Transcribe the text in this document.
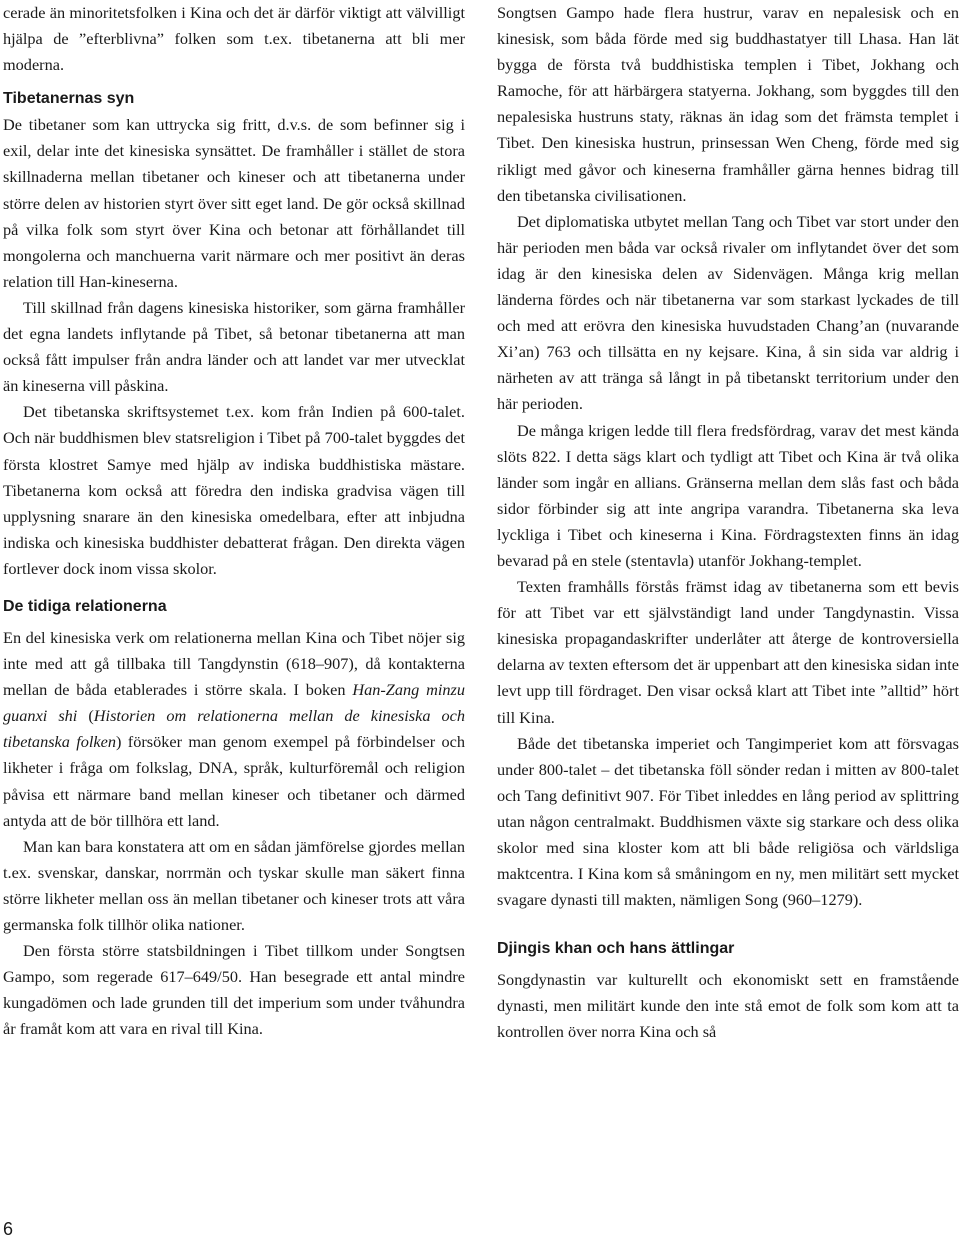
cerade än minoritetsfolken i Kina och det är därför viktigt att välvilligt hjälpa de ”efterblivna” folken som t.ex. tibetanerna att bli mer moderna.

Tibetanernas syn

De tibetaner som kan uttrycka sig fritt, d.v.s. de som befinner sig i exil, delar inte det kinesiska synsättet. De framhåller i stället de stora skillnaderna mellan tibetaner och kineser och att tibetanerna under större delen av historien styrt över sitt eget land. De gör också skillnad på vilka folk som styrt över Kina och betonar att förhållandet till mongolerna och manchuerna varit närmare och mer positivt än deras relation till Han-kineserna.

Till skillnad från dagens kinesiska historiker, som gärna framhåller det egna landets inflytande på Tibet, så betonar tibetanerna att man också fått impulser från andra länder och att landet var mer utvecklat än kineserna vill påskina.

Det tibetanska skriftsystemet t.ex. kom från Indien på 600-talet. Och när buddhismen blev statsreligion i Tibet på 700-talet byggdes det första klostret Samye med hjälp av indiska buddhistiska mästare. Tibetanerna kom också att föredra den indiska gradvisa vägen till upplysning snarare än den kinesiska omedelbara, efter att inbjudna indiska och kinesiska buddhister debatterat frågan. Den direkta vägen fortlever dock inom vissa skolor.

De tidiga relationerna

En del kinesiska verk om relationerna mellan Kina och Tibet nöjer sig inte med att gå tillbaka till Tangdynstin (618–907), då kontakterna mellan de båda etablerades i större skala. I boken Han-Zang minzu guanxi shi (Historien om relationerna mellan de kinesiska och tibetanska folken) försöker man genom exempel på förbindelser och likheter i fråga om folkslag, DNA, språk, kulturföremål och religion påvisa ett närmare band mellan kineser och tibetaner och därmed antyda att de bör tillhöra ett land.

Man kan bara konstatera att om en sådan jämförelse gjordes mellan t.ex. svenskar, danskar, norrmän och tyskar skulle man säkert finna större likheter mellan oss än mellan tibetaner och kineser trots att våra germanska folk tillhör olika nationer.

Den första större statsbildningen i Tibet tillkom under Songtsen Gampo, som regerade 617–649/50. Han besegrade ett antal mindre kungadömen och lade grunden till det imperium som under tvåhundra år framåt kom att vara en rival till Kina.

Songtsen Gampo hade flera hustrur, varav en nepalesisk och en kinesisk, som båda förde med sig buddhastatyer till Lhasa. Han lät bygga de första två buddhistiska templen i Tibet, Jokhang och Ramoche, för att härbärgera statyerna. Jokhang, som byggdes till den nepalesiska hustruns staty, räknas än idag som det främsta templet i Tibet. Den kinesiska hustrun, prinsessan Wen Cheng, förde med sig rikligt med gåvor och kineserna framhåller gärna hennes bidrag till den tibetanska civilisationen.

Det diplomatiska utbytet mellan Tang och Tibet var stort under den här perioden men båda var också rivaler om inflytandet över det som idag är den kinesiska delen av Sidenvägen. Många krig mellan länderna fördes och när tibetanerna var som starkast lyckades de till och med att erövra den kinesiska huvudstaden Chang’an (nuvarande Xi’an) 763 och tillsätta en ny kejsare. Kina, å sin sida var aldrig i närheten av att tränga så långt in på tibetanskt territorium under den här perioden.

De många krigen ledde till flera fredsfördrag, varav det mest kända slöts 822. I detta sägs klart och tydligt att Tibet och Kina är två olika länder som ingår en allians. Gränserna mellan dem slås fast och båda sidor förbinder sig att inte angripa varandra. Tibetanerna ska leva lyckliga i Tibet och kineserna i Kina. Fördragstexten finns än idag bevarad på en stele (stentavla) utanför Jokhang-templet.

Texten framhålls förstås främst idag av tibetanerna som ett bevis för att Tibet var ett självständigt land under Tangdynastin. Vissa kinesiska propagandaskrifter underlåter att återge de kontroversiella delarna av texten eftersom det är uppenbart att den kinesiska sidan inte levt upp till fördraget. Den visar också klart att Tibet inte ”alltid” hört till Kina.

Både det tibetanska imperiet och Tangimperiet kom att försvagas under 800-talet – det tibetanska föll sönder redan i mitten av 800-talet och Tang definitivt 907. För Tibet inleddes en lång period av splittring utan någon centralmakt. Buddhismen växte sig starkare och dess olika skolor med sina kloster kom att bli både religiösa och världsliga maktcentra. I Kina kom så småningom en ny, men militärt sett mycket svagare dynasti till makten, nämligen Song (960–1279).

Djingis khan och hans ättlingar

Songdynastin var kulturellt och ekonomiskt sett en framstående dynasti, men militärt kunde den inte stå emot de folk som kom att ta kontrollen över norra Kina och så

6
